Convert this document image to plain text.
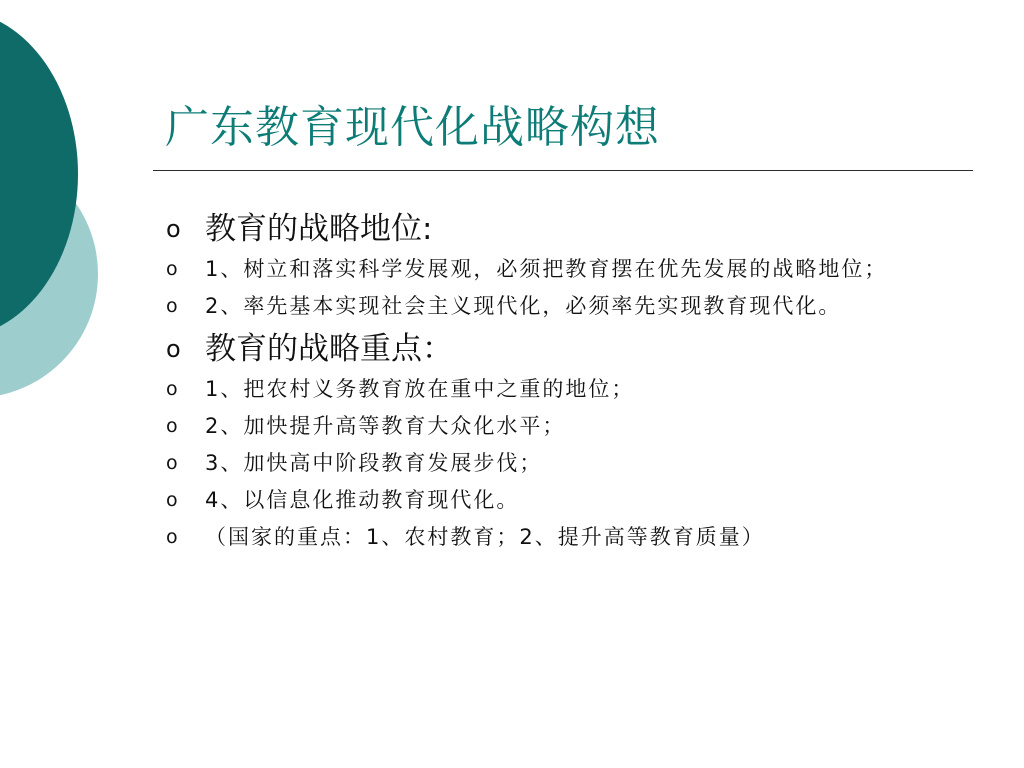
广东教育现代化战略构想
o 教育的战略地位:
o 1、树立和落实科学发展观，必须把教育摆在优先发展的战略地位；
o 2、率先基本实现社会主义现代化，必须率先实现教育现代化。
o 教育的战略重点：
o 1、把农村义务教育放在重中之重的地位；
o 2、加快提升高等教育大众化水平；
o 3、加快高中阶段教育发展步伐；
o 4、以信息化推动教育现代化。
o （国家的重点：1、农村教育；2、提升高等教育质量）
